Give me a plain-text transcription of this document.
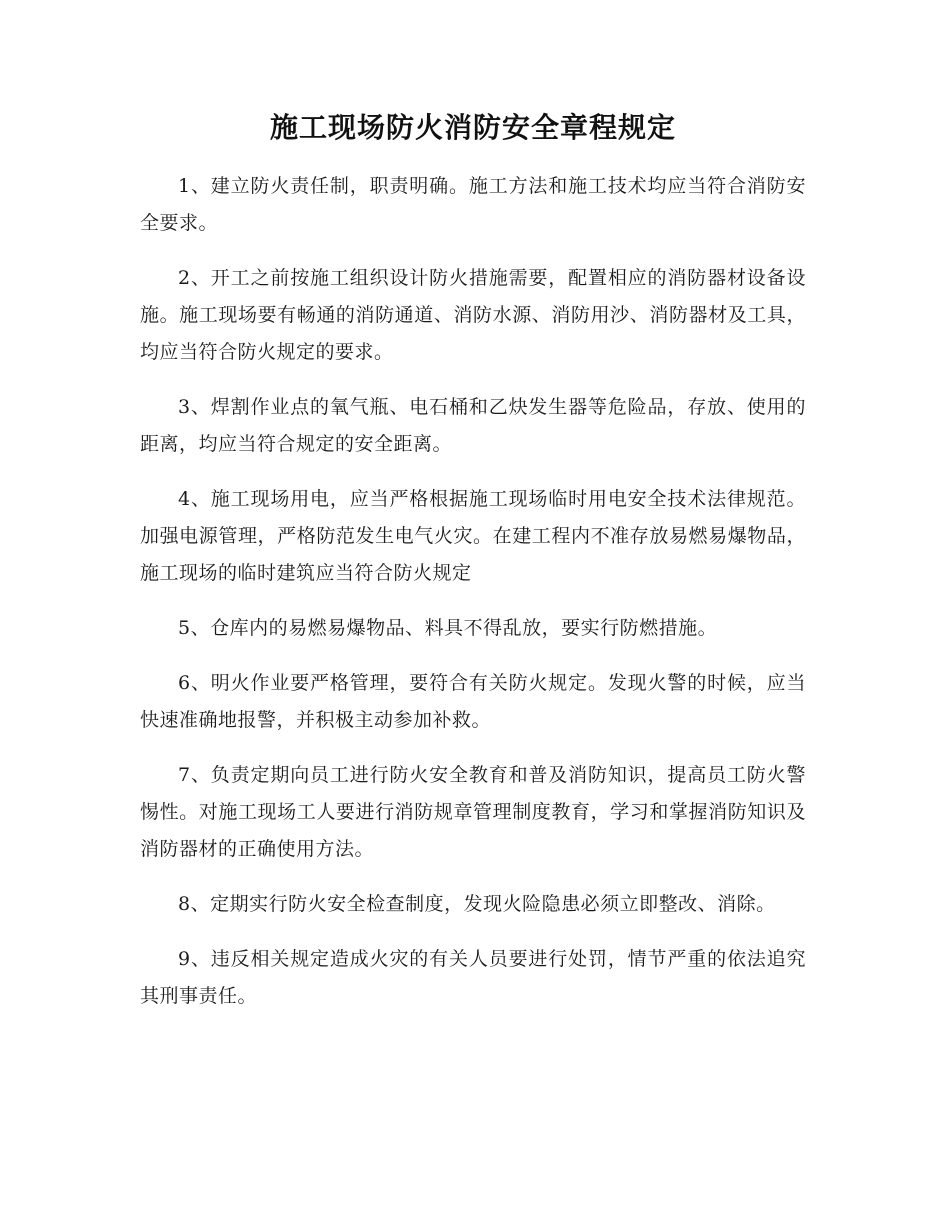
施工现场防火消防安全章程规定

1、建立防火责任制，职责明确。施工方法和施工技术均应当符合消防安全要求。

2、开工之前按施工组织设计防火措施需要，配置相应的消防器材设备设施。施工现场要有畅通的消防通道、消防水源、消防用沙、消防器材及工具，均应当符合防火规定的要求。

3、焊割作业点的氧气瓶、电石桶和乙炔发生器等危险品，存放、使用的距离，均应当符合规定的安全距离。

4、施工现场用电，应当严格根据施工现场临时用电安全技术法律规范。加强电源管理，严格防范发生电气火灾。在建工程内不准存放易燃易爆物品，施工现场的临时建筑应当符合防火规定

5、仓库内的易燃易爆物品、料具不得乱放，要实行防燃措施。

6、明火作业要严格管理，要符合有关防火规定。发现火警的时候，应当快速准确地报警，并积极主动参加补救。

7、负责定期向员工进行防火安全教育和普及消防知识，提高员工防火警惕性。对施工现场工人要进行消防规章管理制度教育，学习和掌握消防知识及消防器材的正确使用方法。

8、定期实行防火安全检查制度，发现火险隐患必须立即整改、消除。

9、违反相关规定造成火灾的有关人员要进行处罚，情节严重的依法追究其刑事责任。
